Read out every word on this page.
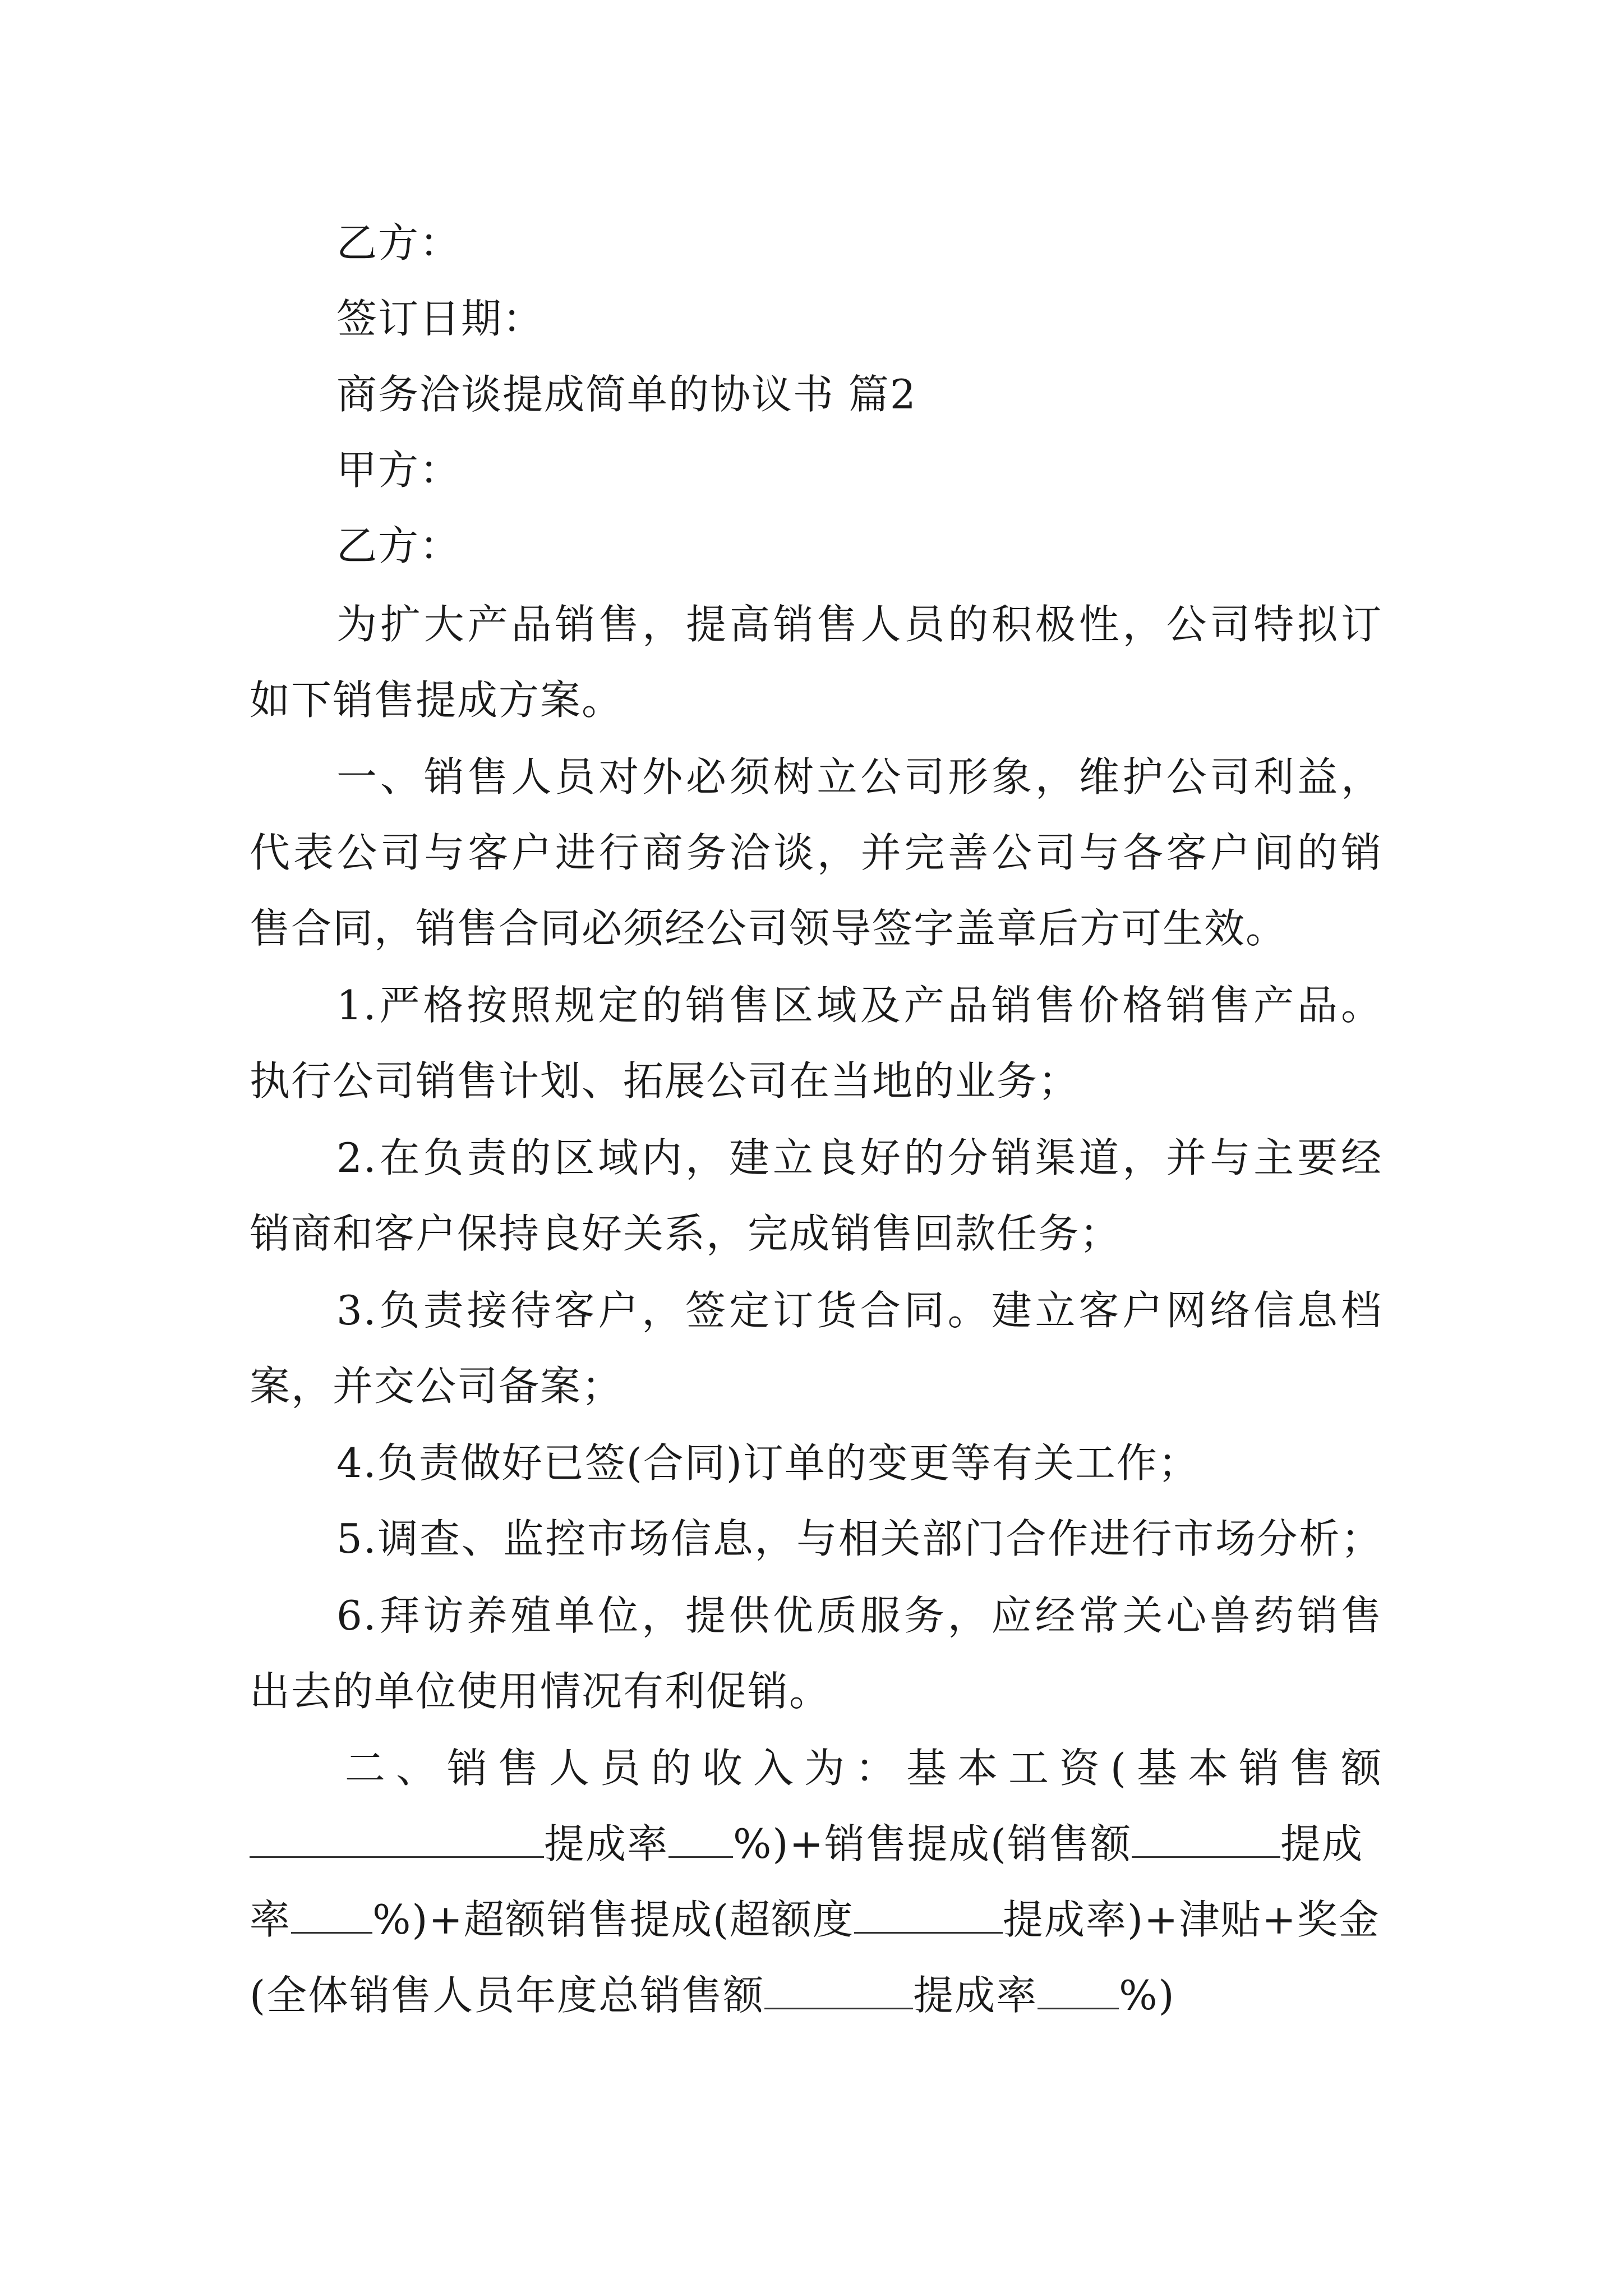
乙方：
签订日期：
商务洽谈提成简单的协议书 篇2
甲方：
乙方：
为扩大产品销售，提高销售人员的积极性，公司特拟订
如下销售提成方案。
一、销售人员对外必须树立公司形象，维护公司利益，
代表公司与客户进行商务洽谈，并完善公司与各客户间的销
售合同，销售合同必须经公司领导签字盖章后方可生效。
1.严格按照规定的销售区域及产品销售价格销售产品。
执行公司销售计划、拓展公司在当地的业务；
2.在负责的区域内，建立良好的分销渠道，并与主要经
销商和客户保持良好关系，完成销售回款任务；
3.负责接待客户，签定订货合同。建立客户网络信息档
案，并交公司备案；
4.负责做好已签(合同)订单的变更等有关工作；
5.调查、监控市场信息，与相关部门合作进行市场分析；
6.拜访养殖单位，提供优质服务，应经常关心兽药销售
出去的单位使用情况有利促销。
二、销售人员的收入为：基本工资(基本销售额
提成率 %)+销售提成(销售额	提成
率 %)+超额销售提成(超额度	提成率)+津贴+奖金
(全体销售人员年度总销售额	提成率 %)
